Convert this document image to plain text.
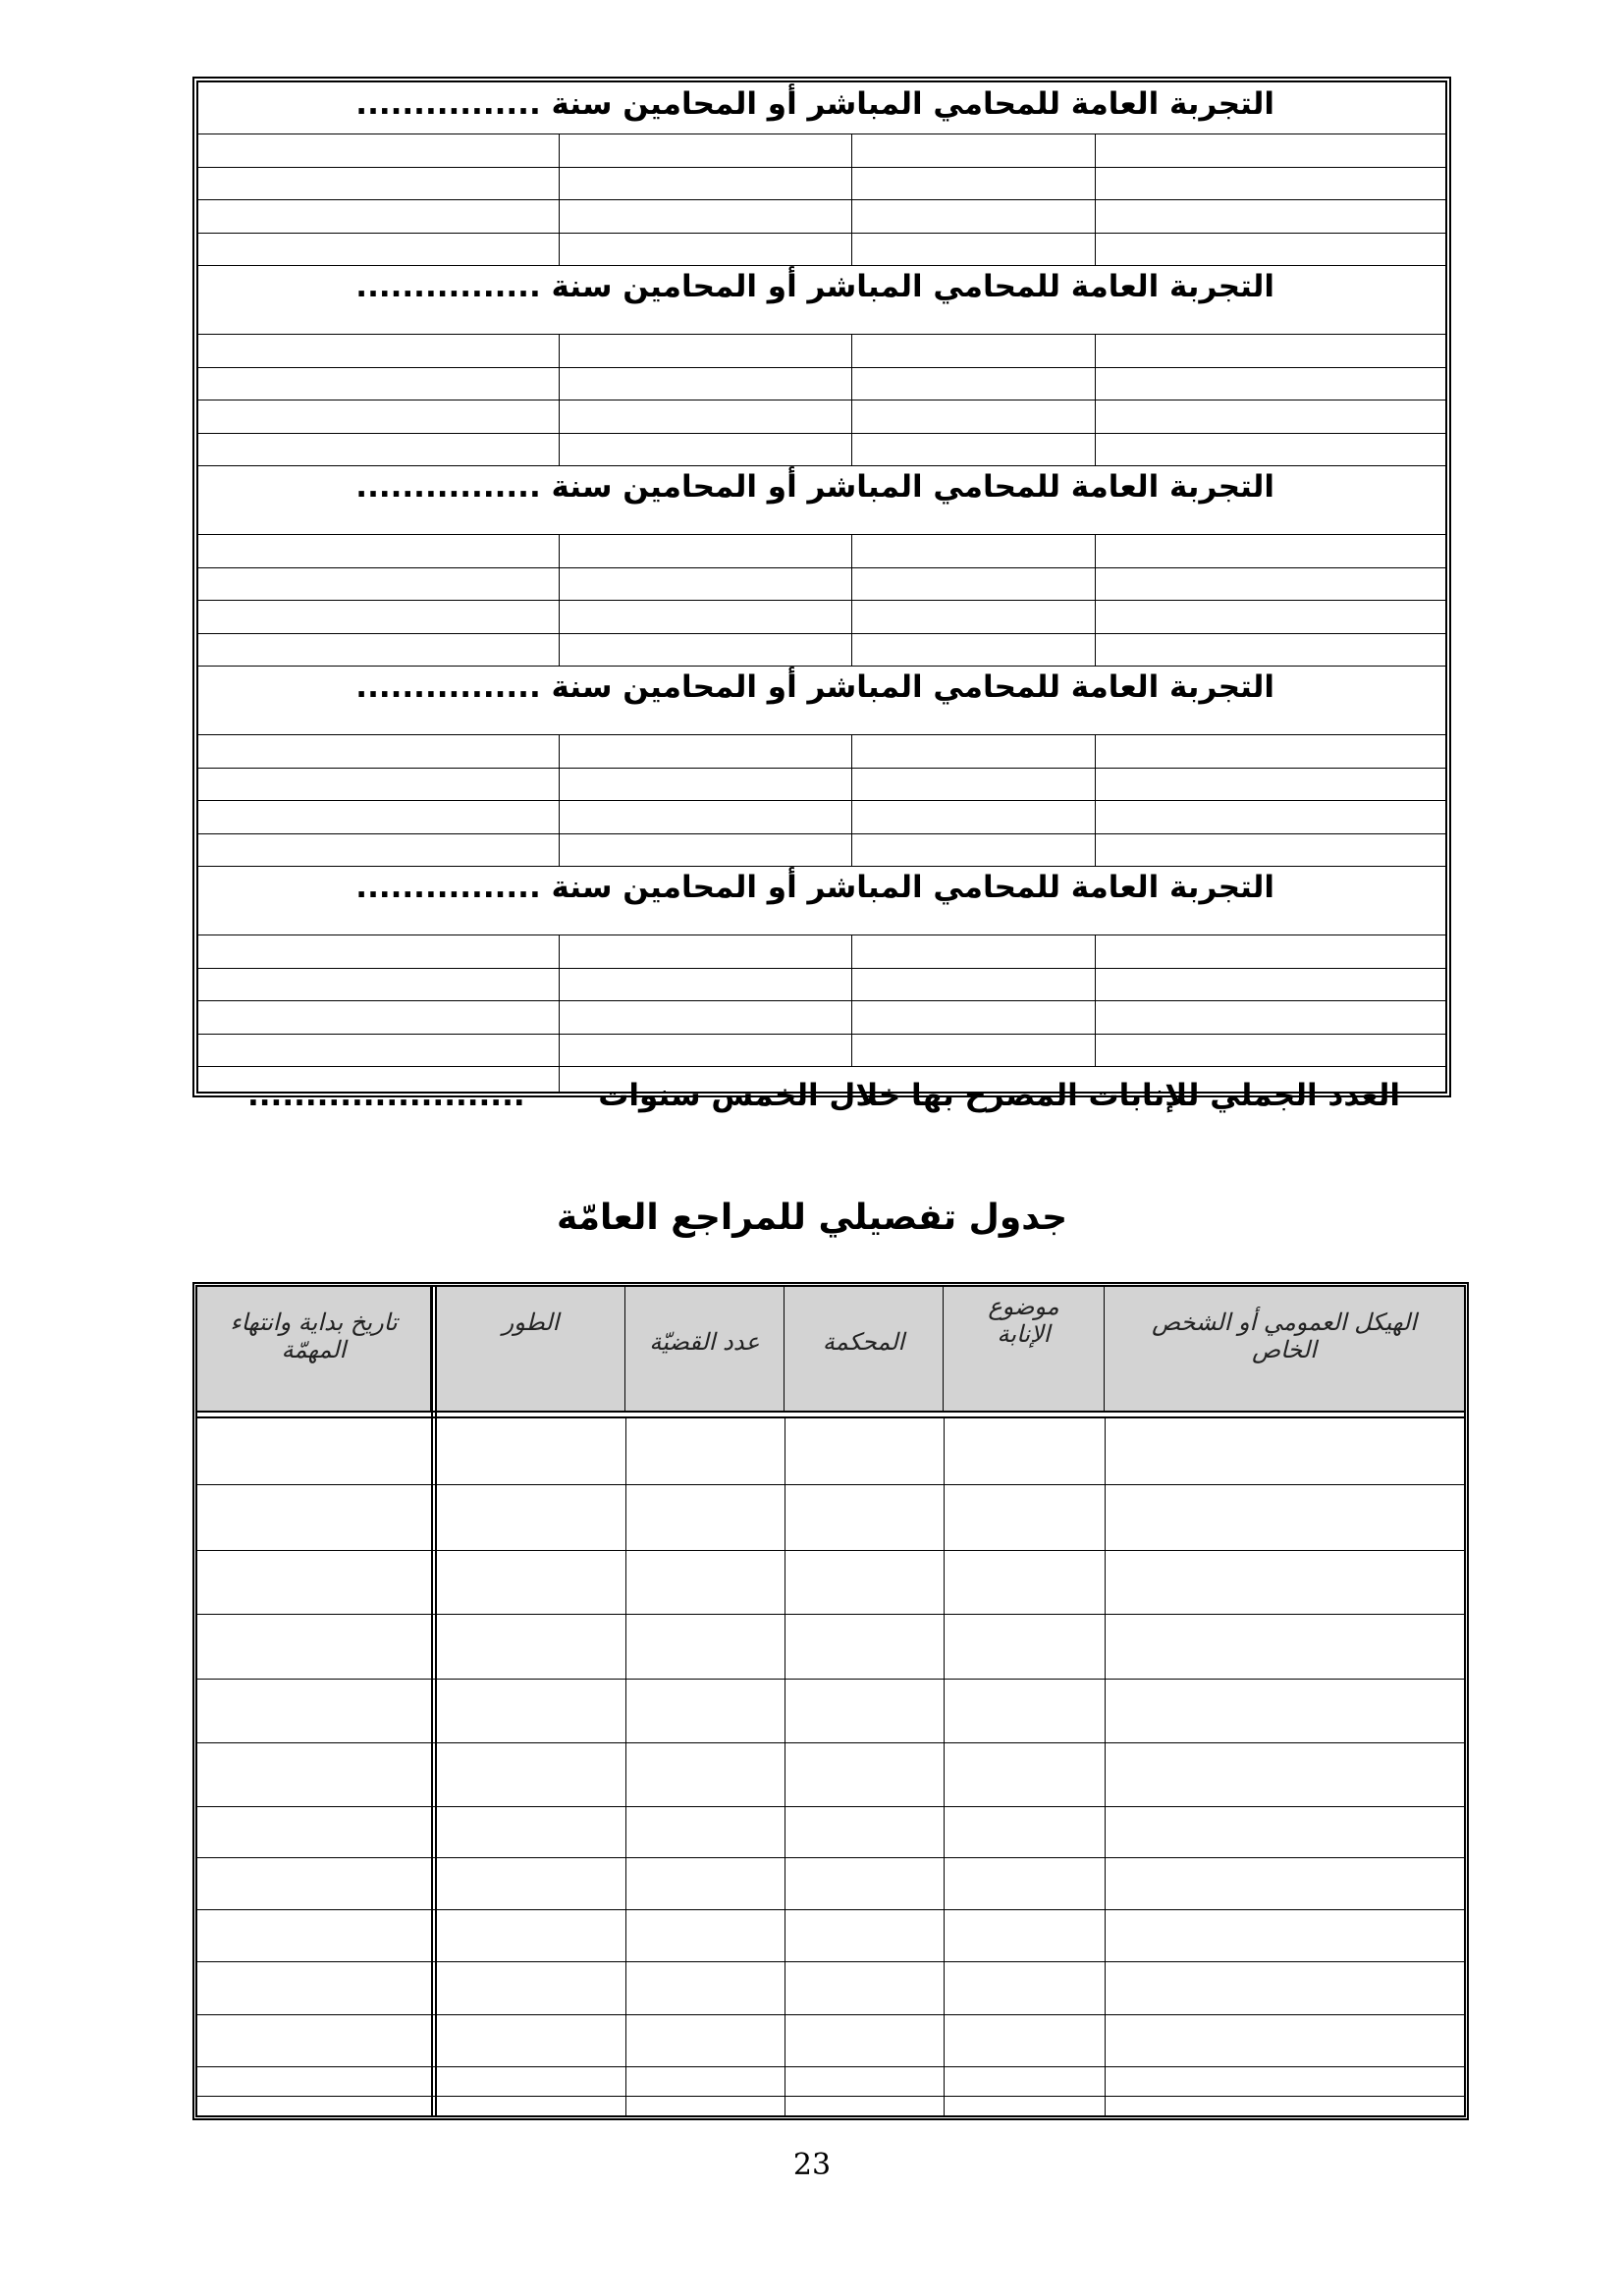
التجربة العامة للمحامي المباشر أو المحامين سنة ................
التجربة العامة للمحامي المباشر أو المحامين سنة ................
التجربة العامة للمحامي المباشر أو المحامين سنة ................
التجربة العامة للمحامي المباشر أو المحامين سنة ................
التجربة العامة للمحامي المباشر أو المحامين سنة ................
العدد الجملي للإنابات المصرح بها خلال الخمس سنوات
........................
جدول تفصيلي للمراجع العامّة
تاريخ بداية وانتهاء المهمّة
الطور
عدد القضيّة	المحكمة
موضوع الإنابة	الهيكل العمومي أو الشخص الخاص
23
